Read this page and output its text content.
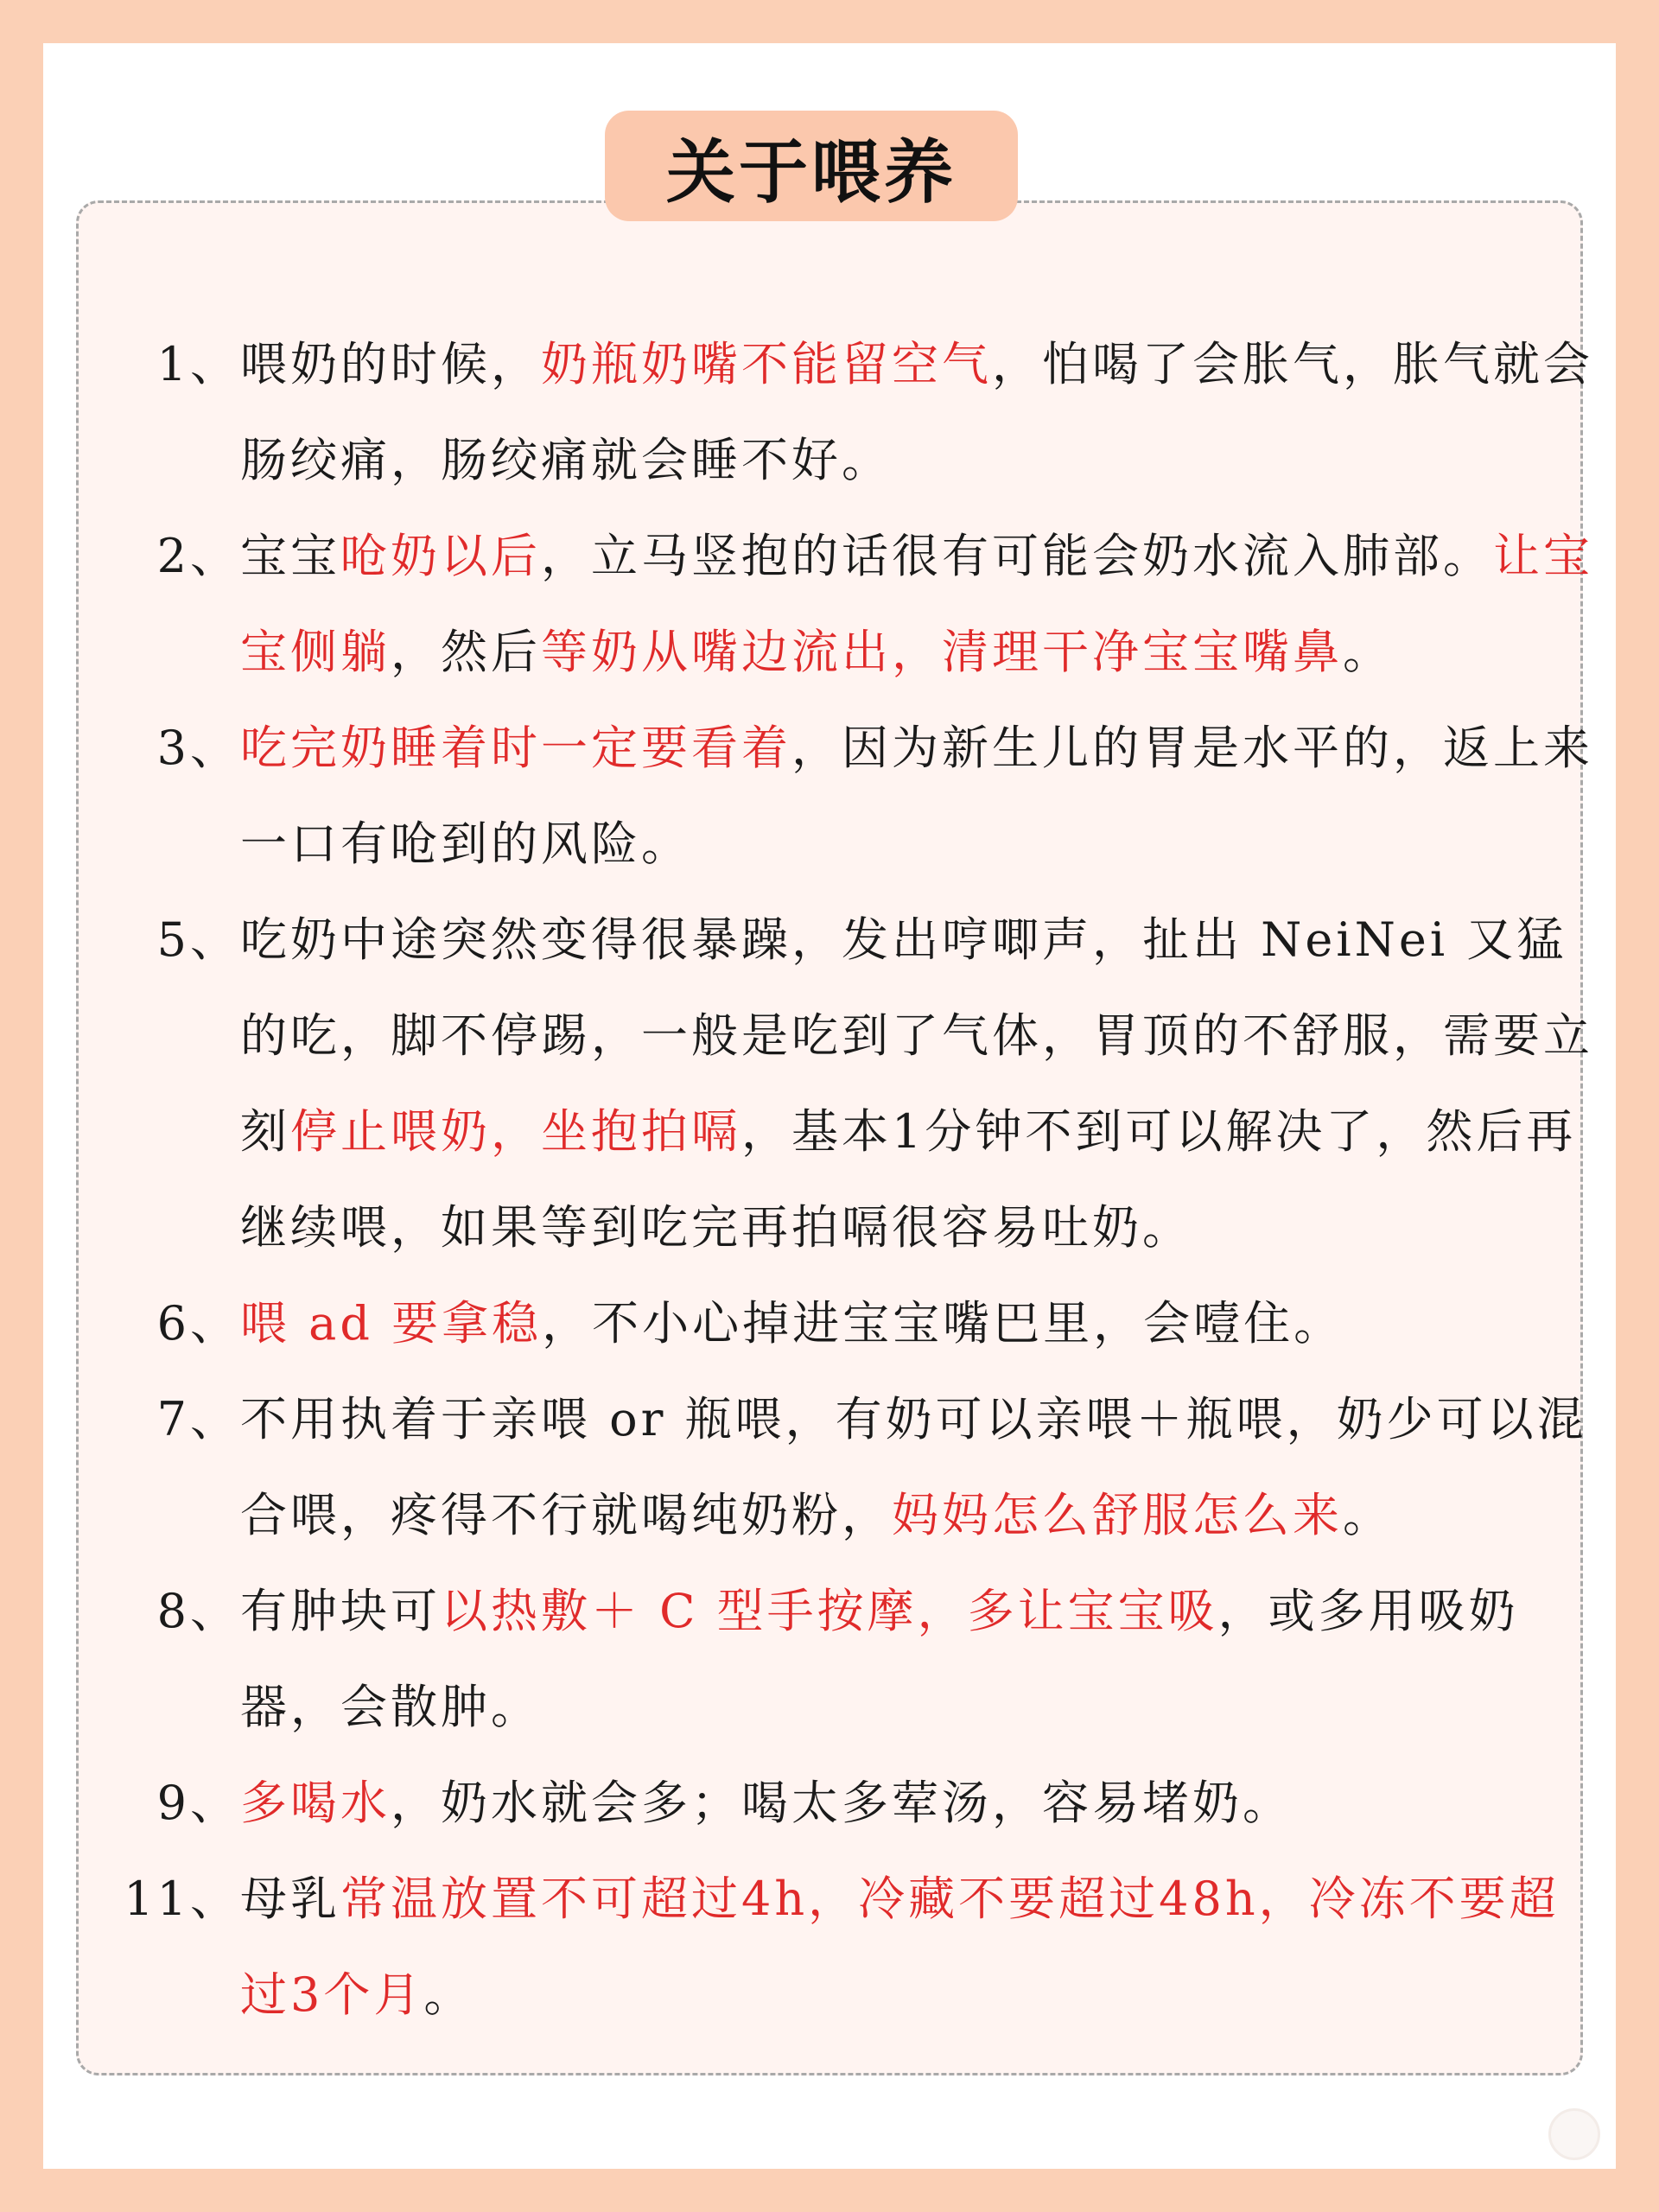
关于喂养
1、 喂奶的时候，奶瓶奶嘴不能留空气，怕喝了会胀气，胀气就会肠绞痛，肠绞痛就会睡不好。
2、 宝宝呛奶以后，立马竖抱的话很有可能会奶水流入肺部。让宝宝侧躺，然后等奶从嘴边流出，清理干净宝宝嘴鼻。
3、 吃完奶睡着时一定要看着，因为新生儿的胃是水平的，返上来一口有呛到的风险。
5、 吃奶中途突然变得很暴躁，发出哼唧声，扯出 NeiNei 又猛的吃，脚不停踢，一般是吃到了气体，胃顶的不舒服，需要立刻停止喂奶，坐抱拍嗝，基本1分钟不到可以解决了，然后再继续喂，如果等到吃完再拍嗝很容易吐奶。
6、 喂 ad 要拿稳，不小心掉进宝宝嘴巴里，会噎住。
7、 不用执着于亲喂 or 瓶喂，有奶可以亲喂＋瓶喂，奶少可以混合喂，疼得不行就喝纯奶粉，妈妈怎么舒服怎么来。
8、 有肿块可以热敷＋ C 型手按摩，多让宝宝吸，或多用吸奶器，会散肿。
9、 多喝水，奶水就会多；喝太多荤汤，容易堵奶。
11、 母乳常温放置不可超过4h，冷藏不要超过48h，冷冻不要超过3个月。
